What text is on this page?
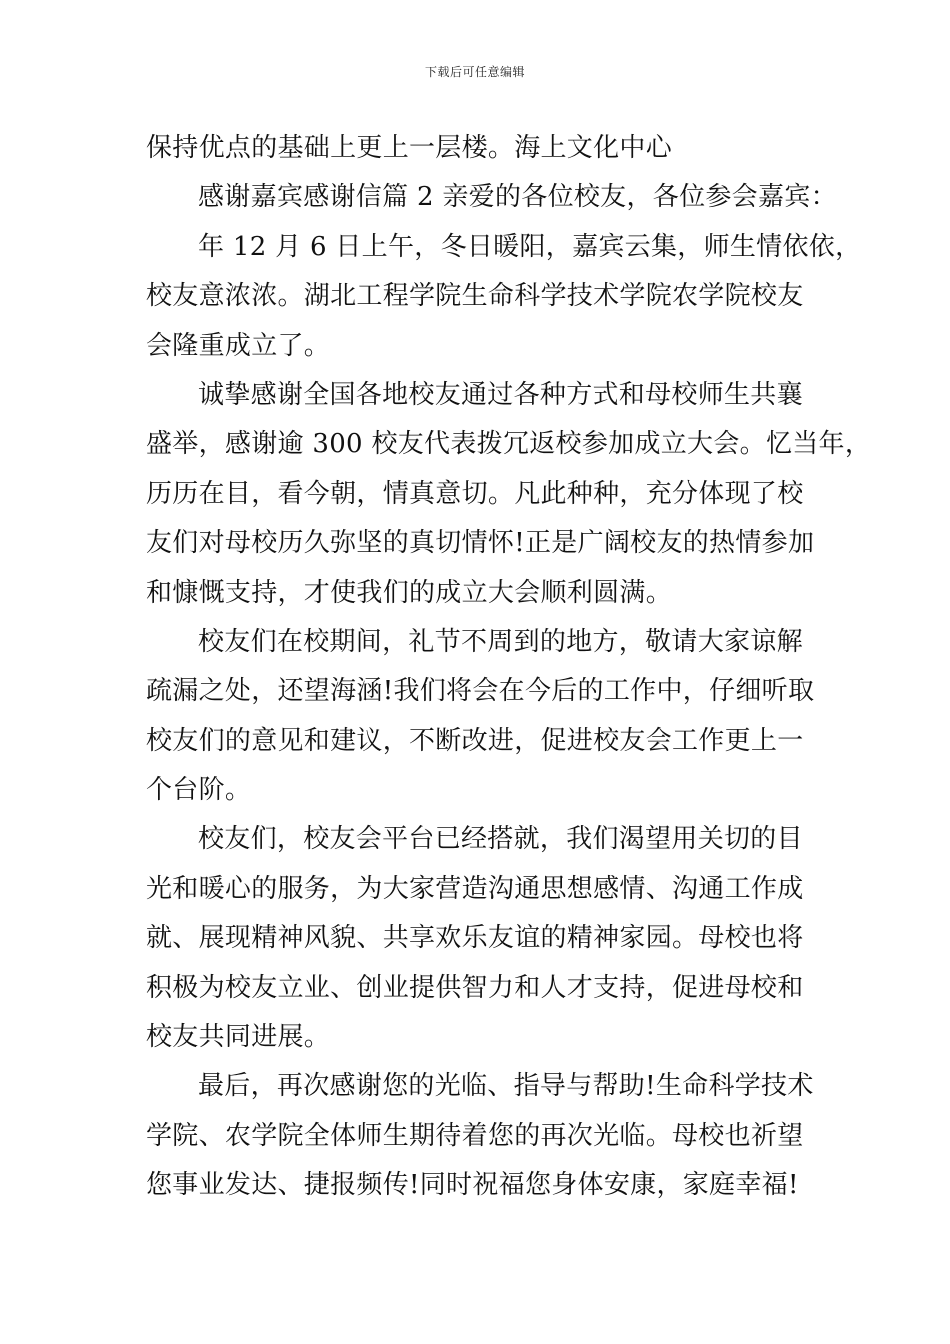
下载后可任意编辑
保持优点的基础上更上一层楼。海上文化中心
感谢嘉宾感谢信篇 2 亲爱的各位校友，各位参会嘉宾：
年 12 月 6 日上午，冬日暖阳，嘉宾云集，师生情依依，
校友意浓浓。湖北工程学院生命科学技术学院农学院校友
会隆重成立了。
诚挚感谢全国各地校友通过各种方式和母校师生共襄
盛举，感谢逾 300 校友代表拨冗返校参加成立大会。忆当年，
历历在目，看今朝，情真意切。凡此种种，充分体现了校
友们对母校历久弥坚的真切情怀!正是广阔校友的热情参加
和慷慨支持，才使我们的成立大会顺利圆满。
校友们在校期间，礼节不周到的地方，敬请大家谅解
疏漏之处，还望海涵!我们将会在今后的工作中，仔细听取
校友们的意见和建议，不断改进，促进校友会工作更上一
个台阶。
校友们，校友会平台已经搭就，我们渴望用关切的目
光和暖心的服务，为大家营造沟通思想感情、沟通工作成
就、展现精神风貌、共享欢乐友谊的精神家园。母校也将
积极为校友立业、创业提供智力和人才支持，促进母校和
校友共同进展。
最后，再次感谢您的光临、指导与帮助!生命科学技术
学院、农学院全体师生期待着您的再次光临。母校也祈望
您事业发达、捷报频传!同时祝福您身体安康，家庭幸福!
